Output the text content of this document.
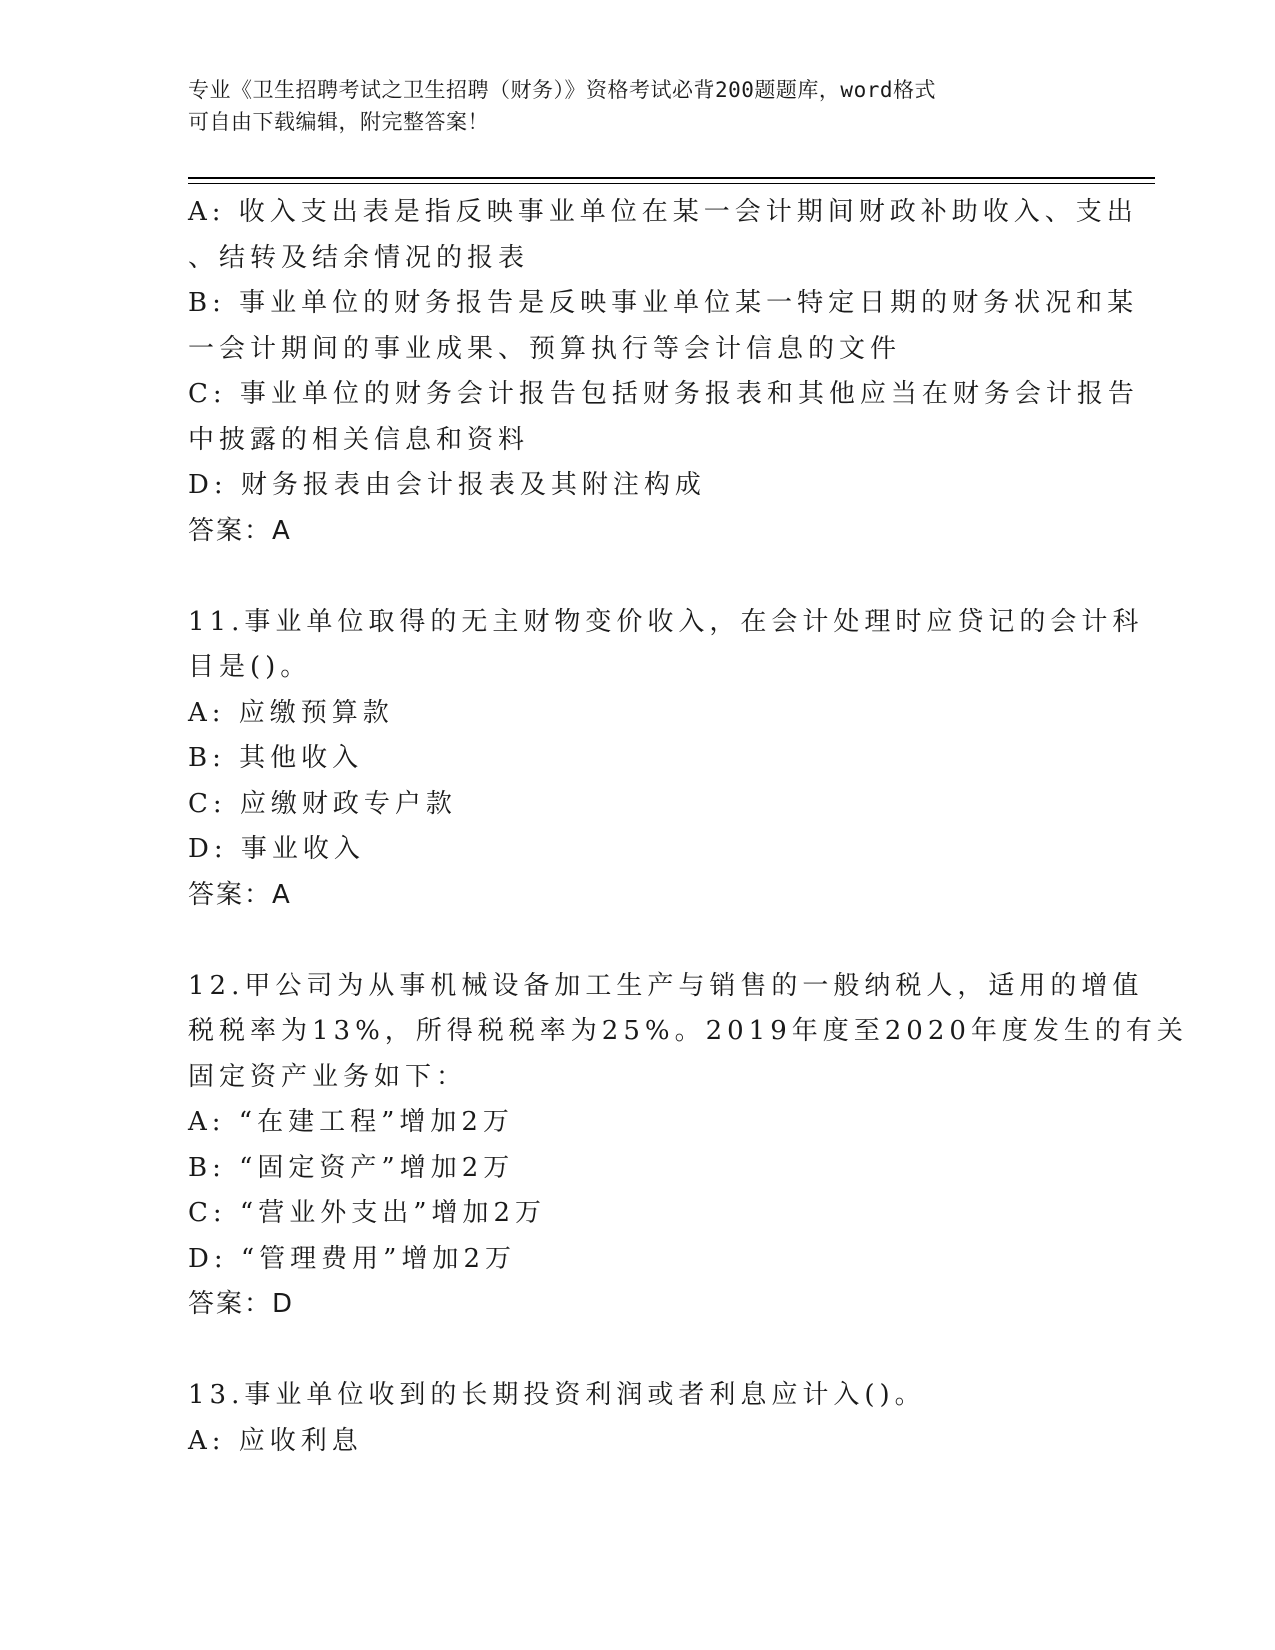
专业《卫生招聘考试之卫生招聘（财务）》资格考试必背200题题库，word格式
可自由下载编辑，附完整答案！
A: 收入支出表是指反映事业单位在某一会计期间财政补助收入、支出
、结转及结余情况的报表
B: 事业单位的财务报告是反映事业单位某一特定日期的财务状况和某
一会计期间的事业成果、预算执行等会计信息的文件
C: 事业单位的财务会计报告包括财务报表和其他应当在财务会计报告
中披露的相关信息和资料
D: 财务报表由会计报表及其附注构成
答案：A
11.事业单位取得的无主财物变价收入，在会计处理时应贷记的会计科
目是()。
A: 应缴预算款
B: 其他收入
C: 应缴财政专户款
D: 事业收入
答案：A
12.甲公司为从事机械设备加工生产与销售的一般纳税人，适用的增值
税税率为13%，所得税税率为25%。2019年度至2020年度发生的有关
固定资产业务如下：
A: “在建工程”增加2万
B: “固定资产”增加2万
C: “营业外支出”增加2万
D: “管理费用”增加2万
答案：D
13.事业单位收到的长期投资利润或者利息应计入()。
A: 应收利息
